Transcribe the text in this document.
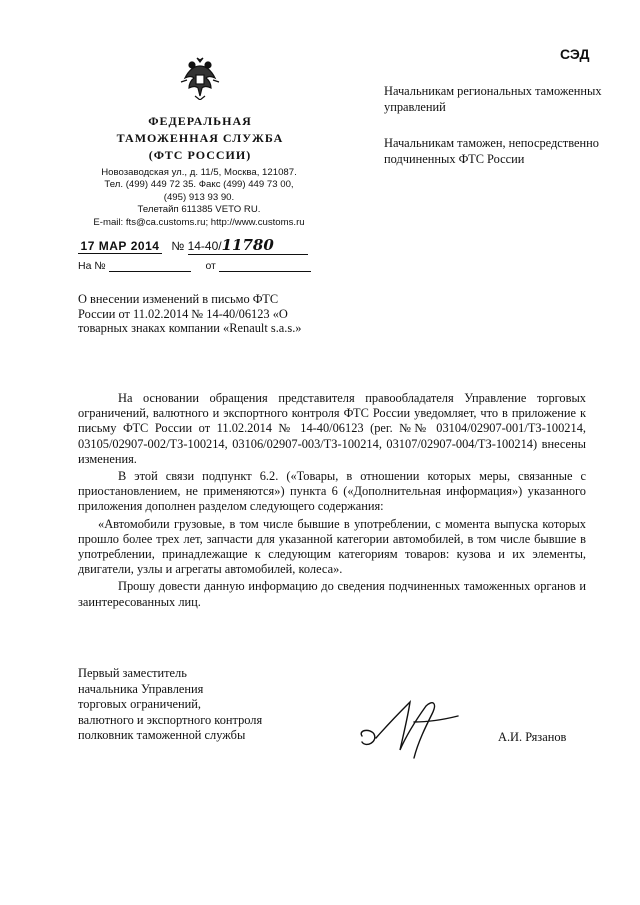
СЭД
ФЕДЕРАЛЬНАЯ
ТАМОЖЕННАЯ СЛУЖБА
(ФТС РОССИИ)
Новозаводская ул., д. 11/5, Москва, 121087.
Тел. (499) 449 72 35. Факс (499) 449 73 00,
(495) 913 93 90.
Телетайп 611385 VETO RU.
E-mail: fts@ca.customs.ru; http://www.customs.ru
17 МАР 2014 № 14-40/11780
На №	от

Начальникам региональных таможенных управлений

Начальникам таможен, непосредственно подчиненных ФТС России

О внесении изменений в письмо ФТС России от 11.02.2014 № 14-40/06123 «О товарных знаках компании «Renault s.a.s.»

На основании обращения представителя правообладателя Управление торговых ограничений, валютного и экспортного контроля ФТС России уведомляет, что в приложение к письму ФТС России от 11.02.2014 № 14-40/06123 (рег. №№ 03104/02907-001/ТЗ-100214, 03105/02907-002/ТЗ-100214, 03106/02907-003/ТЗ-100214, 03107/02907-004/ТЗ-100214) внесены изменения.

В этой связи подпункт 6.2. («Товары, в отношении которых меры, связанные с приостановлением, не применяются») пункта 6 («Дополнительная информация») указанного приложения дополнен разделом следующего содержания:

«Автомобили грузовые, в том числе бывшие в употреблении, с момента выпуска которых прошло более трех лет, запчасти для указанной категории автомобилей, в том числе бывшие в употреблении, принадлежащие к следующим категориям товаров: кузова и их элементы, двигатели, узлы и агрегаты автомобилей, колеса».

Прошу довести данную информацию до сведения подчиненных таможенных органов и заинтересованных лиц.

Первый заместитель
начальника Управления
торговых ограничений,
валютного и экспортного контроля
полковник таможенной службы	А.И. Рязанов
